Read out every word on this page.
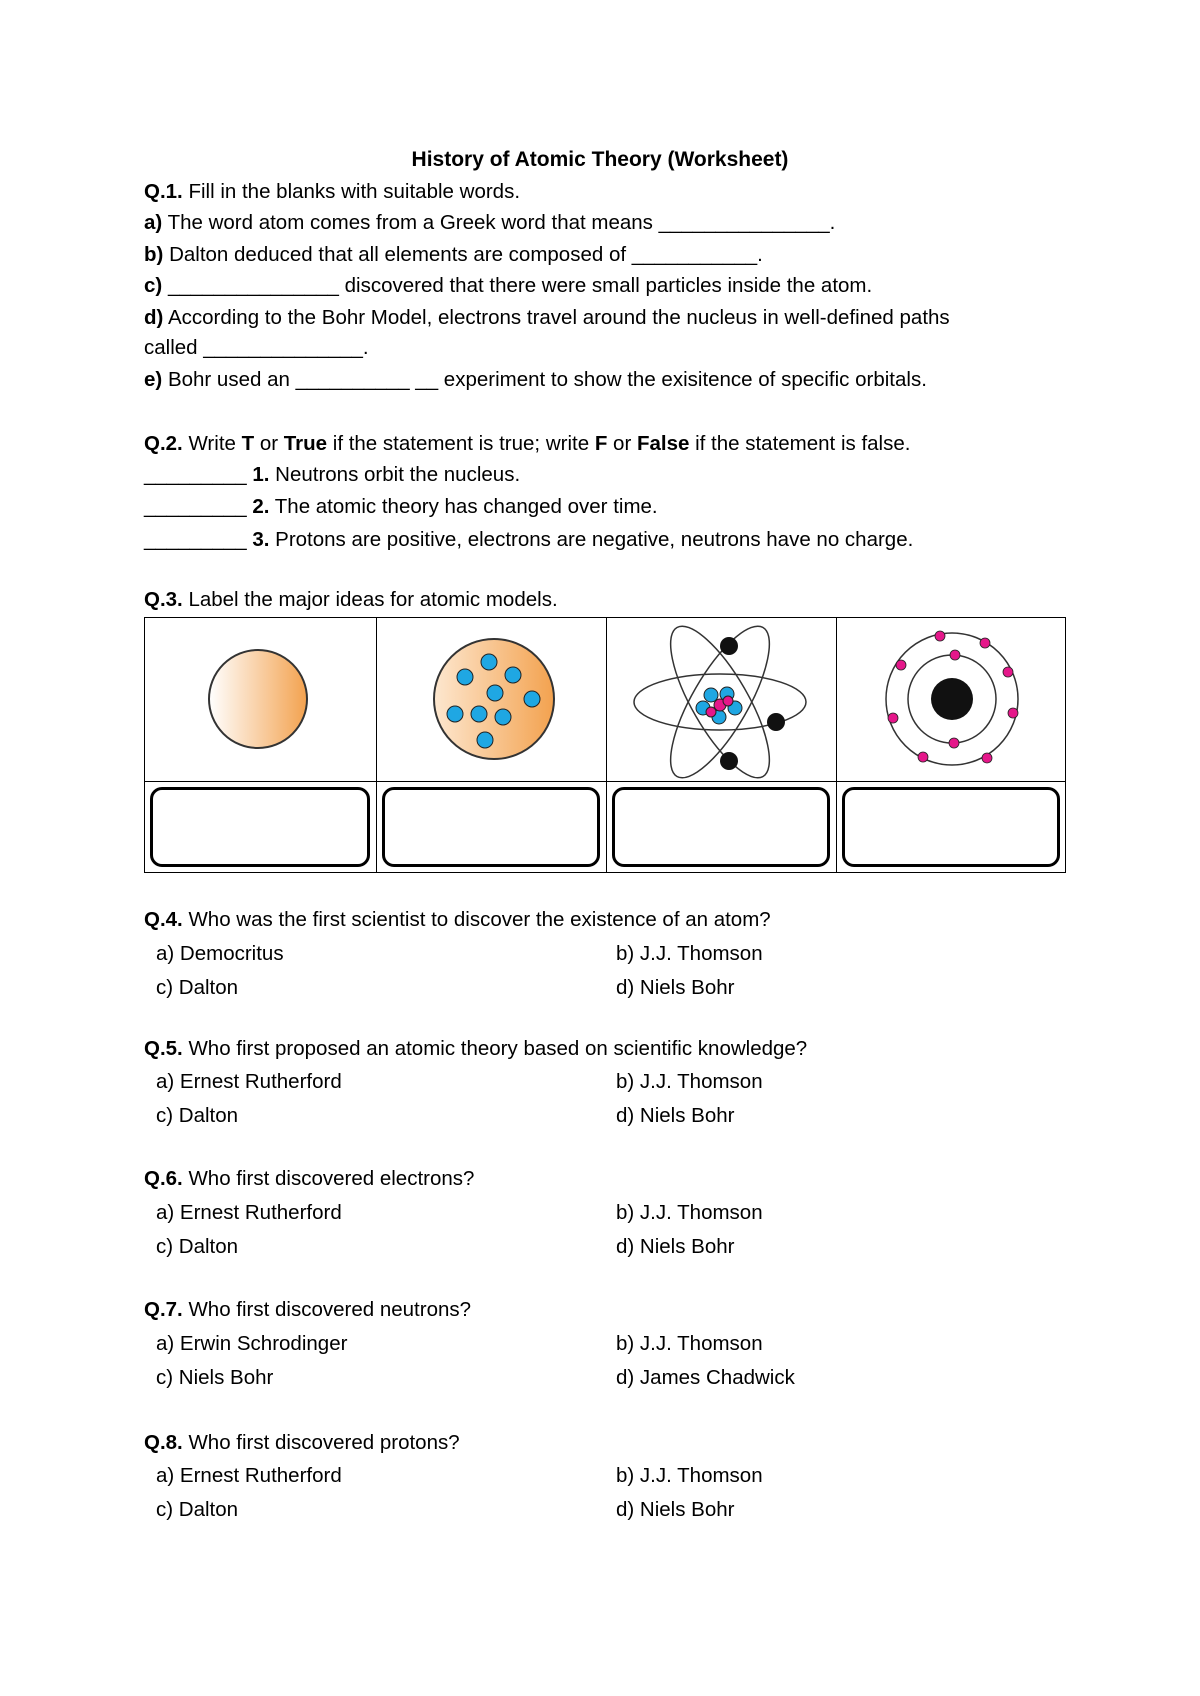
History of Atomic Theory (Worksheet)
Q.1. Fill in the blanks with suitable words.
a) The word atom comes from a Greek word that means _______________.
b) Dalton deduced that all elements are composed of ___________.
c) _______________ discovered that there were small particles inside the atom.
d) According to the Bohr Model, electrons travel around the nucleus in well-defined paths
called ______________.
e) Bohr used an __________ __ experiment to show the exisitence of specific orbitals.
Q.2. Write T or True if the statement is true; write F or False if the statement is false.
_________ 1. Neutrons orbit the nucleus.
_________ 2. The atomic theory has changed over time.
_________ 3. Protons are positive, electrons are negative, neutrons have no charge.
Q.3. Label the major ideas for atomic models.
Q.4. Who was the first scientist to discover the existence of an atom?
a) Democritus	b) J.J. Thomson
c) Dalton	d) Niels Bohr
Q.5. Who first proposed an atomic theory based on scientific knowledge?
a) Ernest Rutherford	b) J.J. Thomson
c) Dalton	d) Niels Bohr
Q.6. Who first discovered electrons?
a) Ernest Rutherford	b) J.J. Thomson
c) Dalton	d) Niels Bohr
Q.7. Who first discovered neutrons?
a) Erwin Schrodinger	b) J.J. Thomson
c) Niels Bohr	d) James Chadwick
Q.8. Who first discovered protons?
a) Ernest Rutherford	b) J.J. Thomson
c) Dalton	d) Niels Bohr
